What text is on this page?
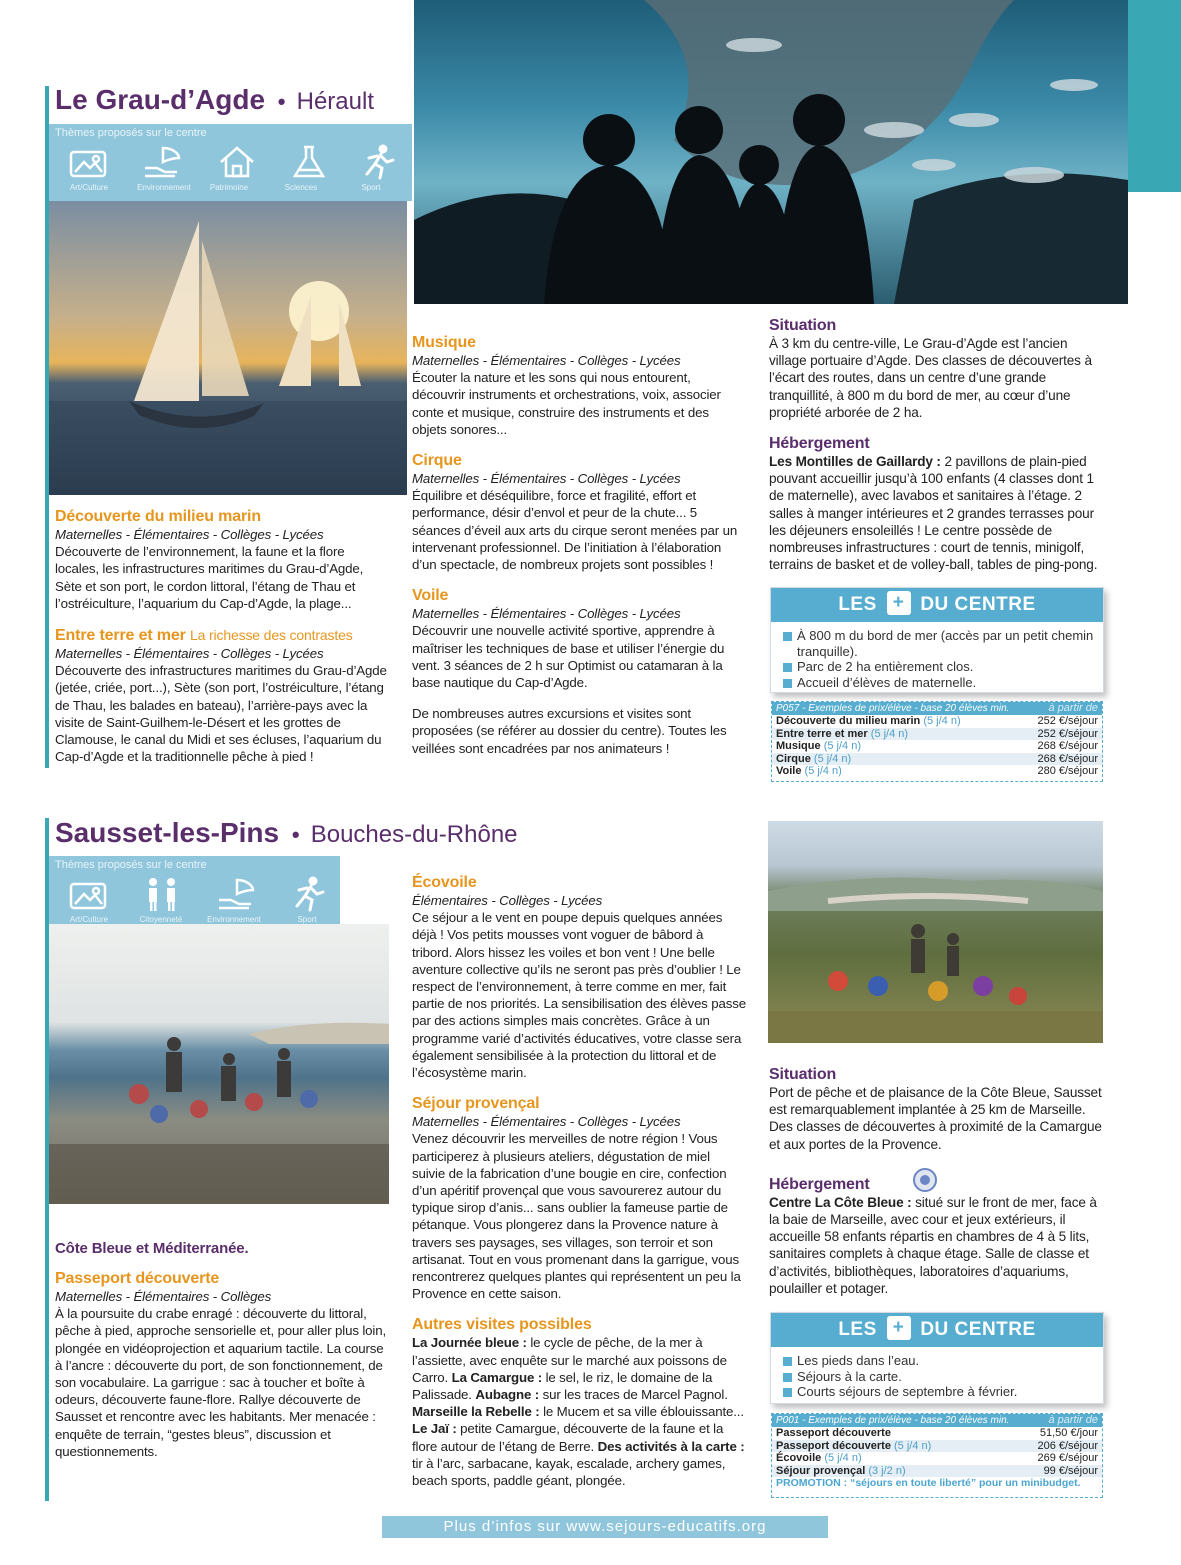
Le Grau-d’Agde • Hérault
Thèmes proposés sur le centre
Art/Culture	Environnement	Patrimoine	Sciences	Sport
Découverte du milieu marin
Maternelles - Élémentaires - Collèges - Lycées
Découverte de l’environnement, la faune et la flore locales, les infrastructures maritimes du Grau-d’Agde, Sète et son port, le cordon littoral, l’étang de Thau et l’ostréiculture, l’aquarium du Cap-d’Agde, la plage...
Entre terre et mer La richesse des contrastes
Maternelles - Élémentaires - Collèges - Lycées
Découverte des infrastructures maritimes du Grau-d’Agde (jetée, criée, port...), Sète (son port, l’ostréiculture, l’étang de Thau, les balades en bateau), l’arrière-pays avec la visite de Saint-Guilhem-le-Désert et les grottes de Clamouse, le canal du Midi et ses écluses, l’aquarium du Cap-d’Agde et la traditionnelle pêche à pied !
Musique
Maternelles - Élémentaires - Collèges - Lycées
Écouter la nature et les sons qui nous entourent, découvrir instruments et orchestrations, voix, associer conte et musique, construire des instruments et des objets sonores...
Cirque
Maternelles - Élémentaires - Collèges - Lycées
Équilibre et déséquilibre, force et fragilité, effort et performance, désir d’envol et peur de la chute... 5 séances d’éveil aux arts du cirque seront menées par un intervenant professionnel. De l’initiation à l’élaboration d’un spectacle, de nombreux projets sont possibles !
Voile
Maternelles - Élémentaires - Collèges - Lycées
Découvrir une nouvelle activité sportive, apprendre à maîtriser les techniques de base et utiliser l’énergie du vent. 3 séances de 2 h sur Optimist ou catamaran à la base nautique du Cap-d’Agde.
De nombreuses autres excursions et visites sont proposées (se référer au dossier du centre). Toutes les veillées sont encadrées par nos animateurs !
Situation
À 3 km du centre-ville, Le Grau-d’Agde est l’ancien village portuaire d’Agde. Des classes de découvertes à l’écart des routes, dans un centre d’une grande tranquillité, à 800 m du bord de mer, au cœur d’une propriété arborée de 2 ha.
Hébergement
Les Montilles de Gaillardy : 2 pavillons de plain-pied pouvant accueillir jusqu’à 100 enfants (4 classes dont 1 de maternelle), avec lavabos et sanitaires à l’étage. 2 salles à manger intérieures et 2 grandes terrasses pour les déjeuners ensoleillés ! Le centre possède de nombreuses infrastructures : court de tennis, minigolf, terrains de basket et de volley-ball, tables de ping-pong.
LES + DU CENTRE
À 800 m du bord de mer (accès par un petit chemin tranquille).
Parc de 2 ha entièrement clos.
Accueil d’élèves de maternelle.
P057 - Exemples de prix/élève - base 20 élèves min.	à partir de
Découverte du milieu marin (5 j/4 n)	252 €/séjour
Entre terre et mer (5 j/4 n)	252 €/séjour
Musique (5 j/4 n)	268 €/séjour
Cirque (5 j/4 n)	268 €/séjour
Voile (5 j/4 n)	280 €/séjour
Sausset-les-Pins • Bouches-du-Rhône
Thèmes proposés sur le centre
Art/Culture	Citoyenneté	Environnement	Sport
Côte Bleue et Méditerranée.
Passeport découverte
Maternelles - Élémentaires - Collèges
À la poursuite du crabe enragé : découverte du littoral, pêche à pied, approche sensorielle et, pour aller plus loin, plongée en vidéoprojection et aquarium tactile. La course à l’ancre : découverte du port, de son fonctionnement, de son vocabulaire. La garrigue : sac à toucher et boîte à odeurs, découverte faune-flore. Rallye découverte de Sausset et rencontre avec les habitants. Mer menacée : enquête de terrain, “gestes bleus”, discussion et questionnements.
Écovoile
Élémentaires - Collèges - Lycées
Ce séjour a le vent en poupe depuis quelques années déjà ! Vos petits mousses vont voguer de bâbord à tribord. Alors hissez les voiles et bon vent ! Une belle aventure collective qu’ils ne seront pas près d’oublier ! Le respect de l’environnement, à terre comme en mer, fait partie de nos priorités. La sensibilisation des élèves passe par des actions simples mais concrètes. Grâce à un programme varié d’activités éducatives, votre classe sera également sensibilisée à la protection du littoral et de l’écosystème marin.
Séjour provençal
Maternelles - Élémentaires - Collèges - Lycées
Venez découvrir les merveilles de notre région ! Vous participerez à plusieurs ateliers, dégustation de miel suivie de la fabrication d’une bougie en cire, confection d’un apéritif provençal que vous savourerez autour du typique sirop d’anis... sans oublier la fameuse partie de pétanque. Vous plongerez dans la Provence nature à travers ses paysages, ses villages, son terroir et son artisanat. Tout en vous promenant dans la garrigue, vous rencontrerez quelques plantes qui représentent un peu la Provence en cette saison.
Autres visites possibles
La Journée bleue : le cycle de pêche, de la mer à l’assiette, avec enquête sur le marché aux poissons de Carro. La Camargue : le sel, le riz, le domaine de la Palissade. Aubagne : sur les traces de Marcel Pagnol. Marseille la Rebelle : le Mucem et sa ville éblouissante... Le Jaï : petite Camargue, découverte de la faune et la flore autour de l’étang de Berre. Des activités à la carte : tir à l’arc, sarbacane, kayak, escalade, archery games, beach sports, paddle géant, plongée.
Situation
Port de pêche et de plaisance de la Côte Bleue, Sausset est remarquablement implantée à 25 km de Marseille. Des classes de découvertes à proximité de la Camargue et aux portes de la Provence.
Hébergement
Centre La Côte Bleue : situé sur le front de mer, face à la baie de Marseille, avec cour et jeux extérieurs, il accueille 58 enfants répartis en chambres de 4 à 5 lits, sanitaires complets à chaque étage. Salle de classe et d’activités, bibliothèques, laboratoires d’aquariums, poulailler et potager.
LES + DU CENTRE
Les pieds dans l’eau.
Séjours à la carte.
Courts séjours de septembre à février.
P001 - Exemples de prix/élève - base 20 élèves min.	à partir de
Passeport découverte	51,50 €/jour
Passeport découverte (5 j/4 n)	206 €/séjour
Écovoile (5 j/4 n)	269 €/séjour
Séjour provençal (3 j/2 n)	99 €/séjour
PROMOTION : “séjours en toute liberté” pour un minibudget.
Plus d’infos sur www.sejours-educatifs.org
